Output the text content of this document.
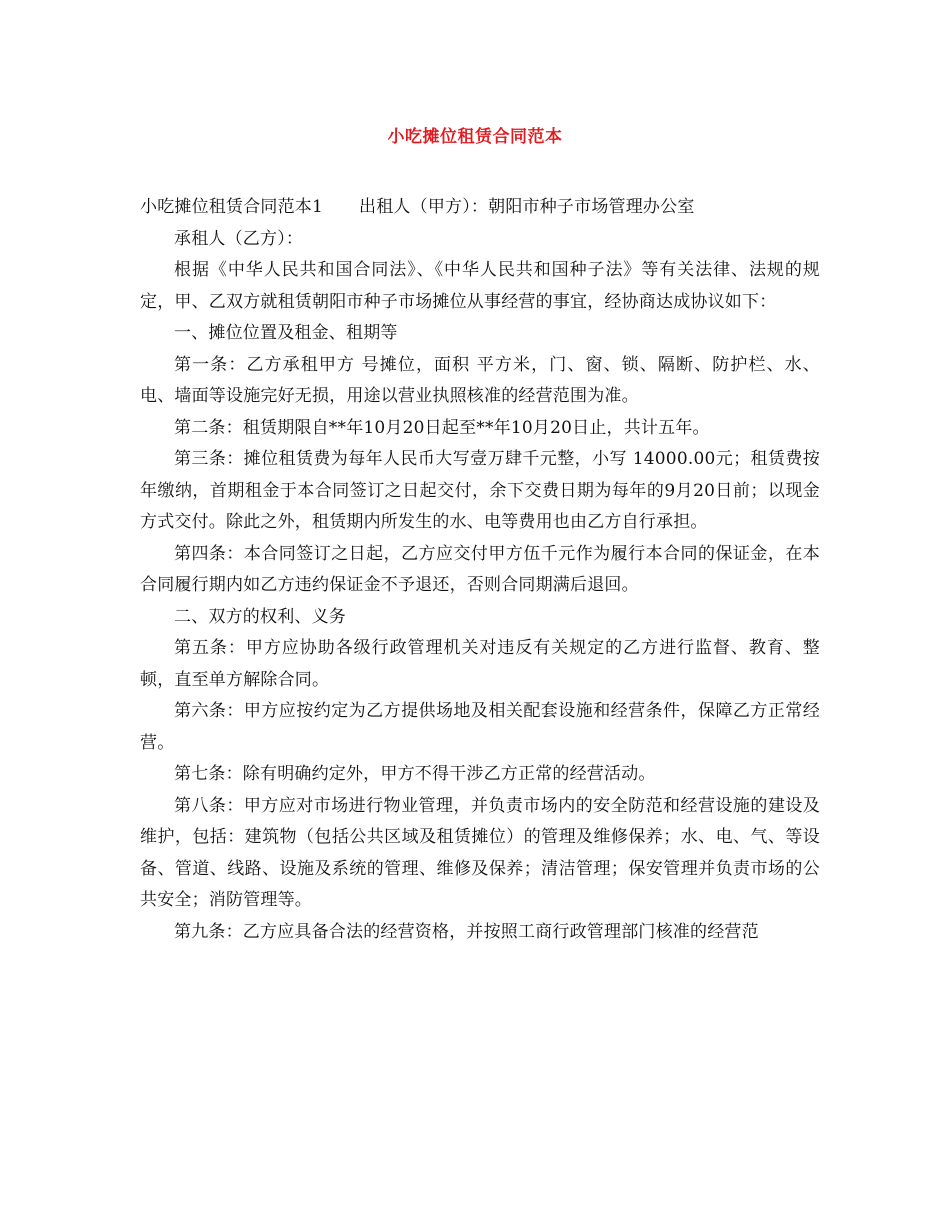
小吃摊位租赁合同范本

小吃摊位租赁合同范本1 出租人（甲方）：朝阳市种子市场管理办公室

承租人（乙方）：

根据《中华人民共和国合同法》、《中华人民共和国种子法》等有关法律、法规的规定，甲、乙双方就租赁朝阳市种子市场摊位从事经营的事宜，经协商达成协议如下：

一、摊位位置及租金、租期等

第一条：乙方承租甲方 号摊位，面积 平方米，门、窗、锁、隔断、防护栏、水、电、墙面等设施完好无损，用途以营业执照核准的经营范围为准。

第二条：租赁期限自**年10月20日起至**年10月20日止，共计五年。

第三条：摊位租赁费为每年人民币大写壹万肆千元整，小写 14000.00元；租赁费按年缴纳，首期租金于本合同签订之日起交付，余下交费日期为每年的9月20日前；以现金方式交付。除此之外，租赁期内所发生的水、电等费用也由乙方自行承担。

第四条：本合同签订之日起，乙方应交付甲方伍千元作为履行本合同的保证金，在本合同履行期内如乙方违约保证金不予退还，否则合同期满后退回。

二、双方的权利、义务

第五条：甲方应协助各级行政管理机关对违反有关规定的乙方进行监督、教育、整顿，直至单方解除合同。

第六条：甲方应按约定为乙方提供场地及相关配套设施和经营条件，保障乙方正常经营。

第七条：除有明确约定外，甲方不得干涉乙方正常的经营活动。

第八条：甲方应对市场进行物业管理，并负责市场内的安全防范和经营设施的建设及维护，包括：建筑物（包括公共区域及租赁摊位）的管理及维修保养；水、电、气、等设备、管道、线路、设施及系统的管理、维修及保养；清洁管理；保安管理并负责市场的公共安全；消防管理等。

第九条：乙方应具备合法的经营资格，并按照工商行政管理部门核准的经营范
